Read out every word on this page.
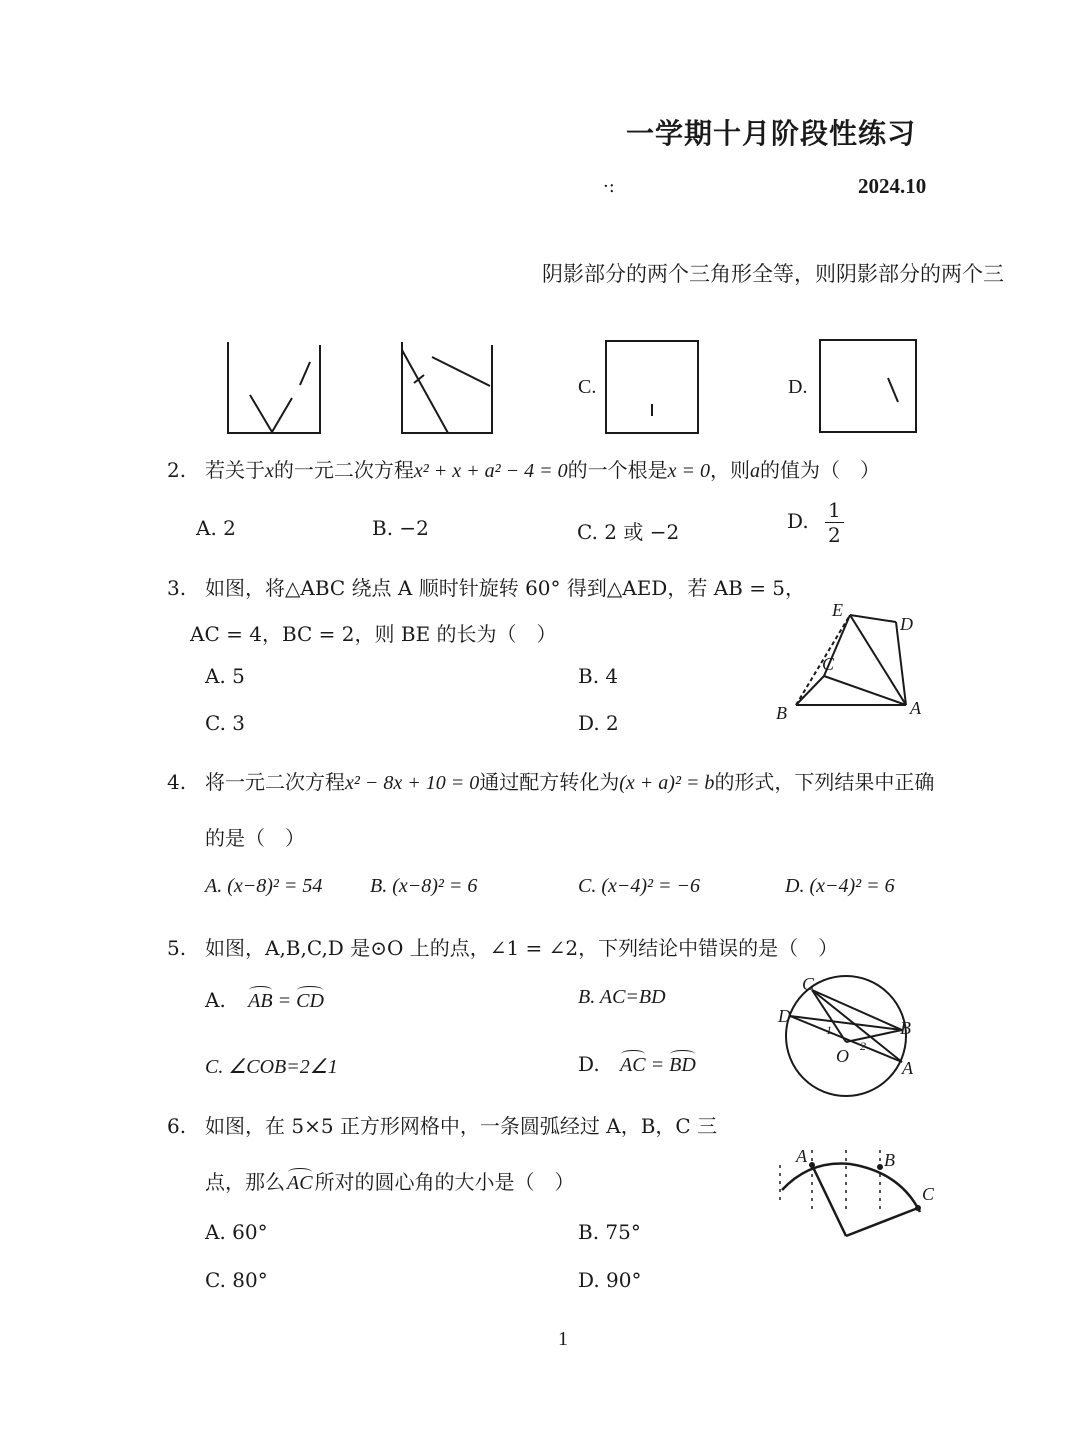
一学期十月阶段性练习
·:	2024.10
阴影部分的两个三角形全等，则阴影部分的两个三
C.	D.
2. 若关于x的一元二次方程x² + x + a² − 4 = 0的一个根是x = 0，则a的值为（　）
A. 2	B. −2	C. 2 或 −2	D. $\frac{1}{2}$
3. 如图，将△ABC 绕点 A 顺时针旋转 60° 得到△AED，若 AB = 5，
AC = 4，BC = 2，则 BE 的长为（　）
A. 5	B. 4
C. 3	D. 2
E
D
C
B	A
4. 将一元二次方程x² − 8x + 10 = 0通过配方转化为(x + a)² = b的形式，下列结果中正确
的是（　）
A. (x−8)² = 54 B. (x−8)² = 6	C. (x−4)² = −6	D. (x−4)² = 6
5. 如图，A,B,C,D 是⊙O 上的点，∠1 = ∠2，下列结论中错误的是（　）
A. AB = CD	B. AC=BD
C. ∠COB=2∠1	D. AC = BD
C
D
B
O
A
1
2
6. 如图，在 5×5 正方形网格中，一条圆弧经过 A，B，C 三
点，那么 AC 所对的圆心角的大小是（　）
A. 60°	B. 75°
C. 80°	D. 90°
A	B
C
1
